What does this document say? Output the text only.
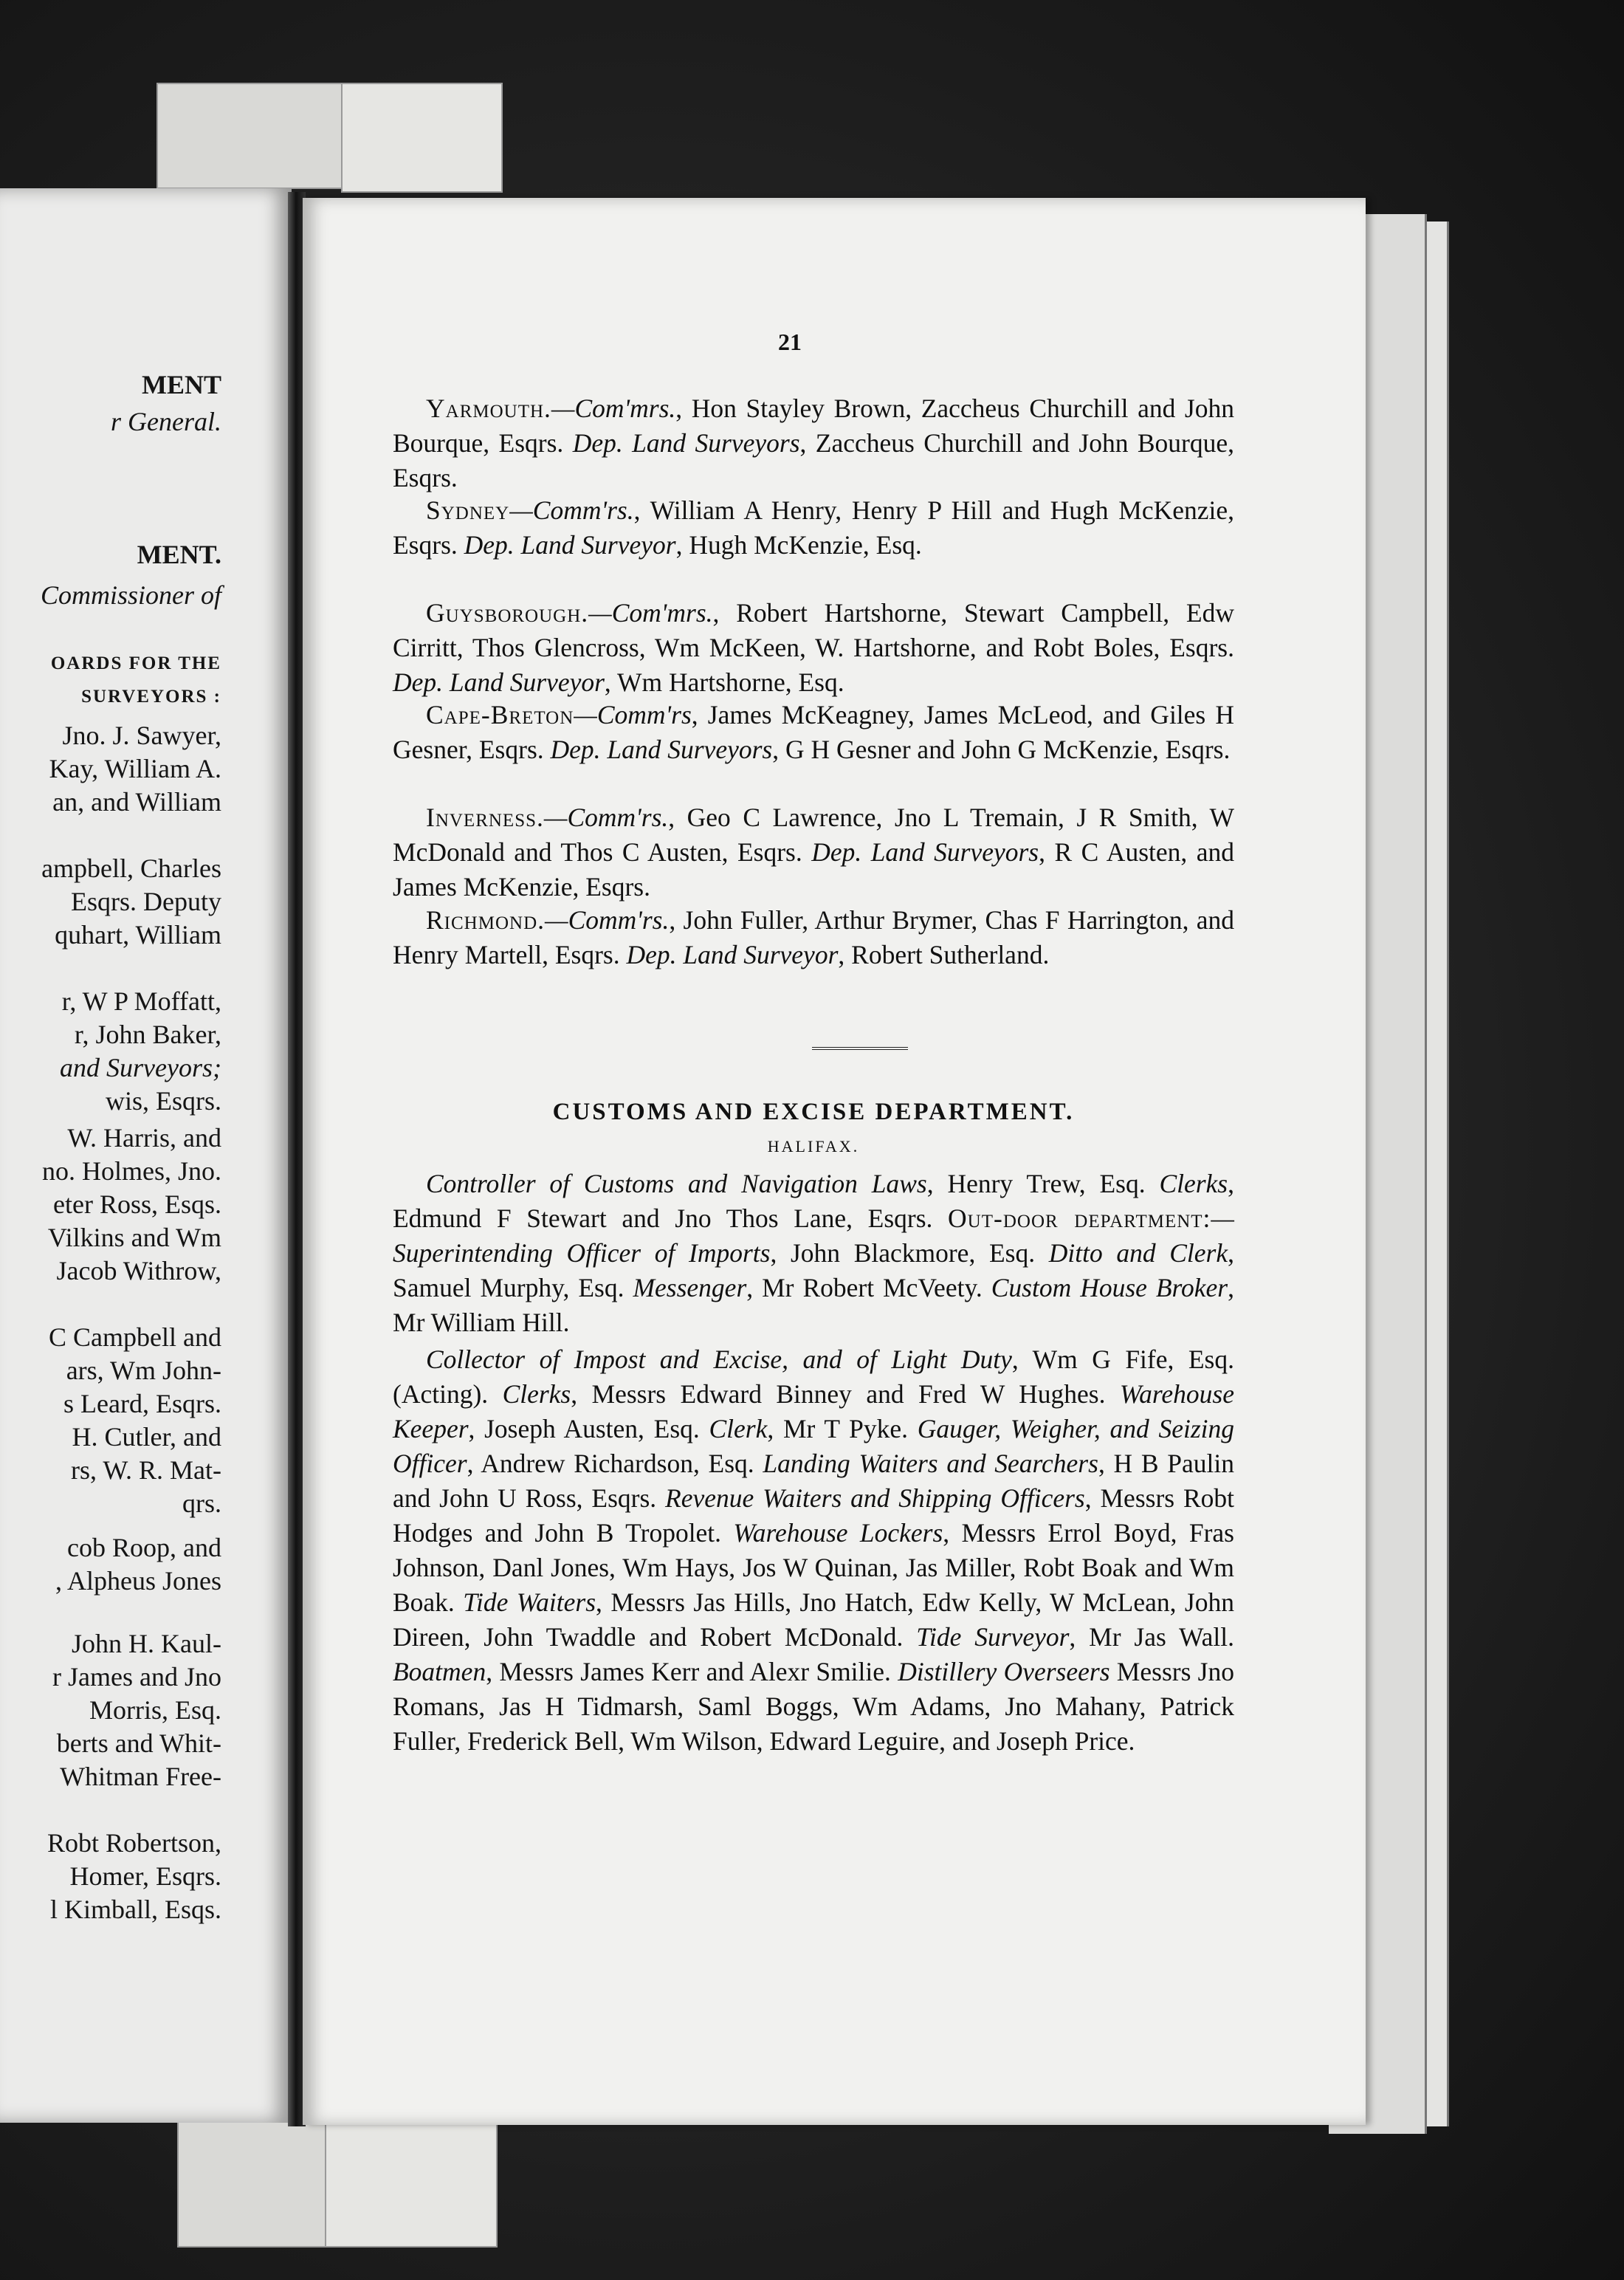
MENT
r General.
MENT.
Commissioner of
OARDS FOR THE
SURVEYORS :
Jno. J. Sawyer,
Kay, William A.
an, and William
ampbell, Charles
Esqrs. Deputy
quhart, William
r, W P Moffatt,
r, John Baker,
and Surveyors;
wis, Esqrs.
W. Harris, and
no. Holmes, Jno.
eter Ross, Esqs.
Vilkins and Wm
Jacob Withrow,
C Campbell and
ars, Wm John-
s Leard, Esqrs.
H. Cutler, and
rs, W. R. Mat-
qrs.
cob Roop, and
, Alpheus Jones
John H. Kaul-
r James and Jno
Morris, Esq.
berts and Whit-
Whitman Free-
Robt Robertson,
Homer, Esqrs.
l Kimball, Esqs.
21
Yarmouth.—Com'mrs., Hon Stayley Brown, Zaccheus Churchill and John Bourque, Esqrs. Dep. Land Surveyors, Zaccheus Churchill and John Bourque, Esqrs.
Sydney—Comm'rs., William A Henry, Henry P Hill and Hugh McKenzie, Esqrs. Dep. Land Surveyor, Hugh McKenzie, Esq.
Guysborough.—Com'mrs., Robert Hartshorne, Stewart Campbell, Edw Cirritt, Thos Glencross, Wm McKeen, W. Hartshorne, and Robt Boles, Esqrs. Dep. Land Surveyor, Wm Hartshorne, Esq.
Cape-Breton—Comm'rs, James McKeagney, James McLeod, and Giles H Gesner, Esqrs. Dep. Land Surveyors, G H Gesner and John G McKenzie, Esqrs.
Inverness.—Comm'rs., Geo C Lawrence, Jno L Tremain, J R Smith, W McDonald and Thos C Austen, Esqrs. Dep. Land Surveyors, R C Austen, and James McKenzie, Esqrs.
Richmond.—Comm'rs., John Fuller, Arthur Brymer, Chas F Harrington, and Henry Martell, Esqrs. Dep. Land Surveyor, Robert Sutherland.
CUSTOMS AND EXCISE DEPARTMENT.
HALIFAX.
Controller of Customs and Navigation Laws, Henry Trew, Esq. Clerks, Edmund F Stewart and Jno Thos Lane, Esqrs. Out-door department:—Superintending Officer of Imports, John Blackmore, Esq. Ditto and Clerk, Samuel Murphy, Esq. Messenger, Mr Robert McVeety. Custom House Broker, Mr William Hill.
Collector of Impost and Excise, and of Light Duty, Wm G Fife, Esq. (Acting). Clerks, Messrs Edward Binney and Fred W Hughes. Warehouse Keeper, Joseph Austen, Esq. Clerk, Mr T Pyke. Gauger, Weigher, and Seizing Officer, Andrew Richardson, Esq. Landing Waiters and Searchers, H B Paulin and John U Ross, Esqrs. Revenue Waiters and Shipping Officers, Messrs Robt Hodges and John B Tropolet. Warehouse Lockers, Messrs Errol Boyd, Fras Johnson, Danl Jones, Wm Hays, Jos W Quinan, Jas Miller, Robt Boak and Wm Boak. Tide Waiters, Messrs Jas Hills, Jno Hatch, Edw Kelly, W McLean, John Direen, John Twaddle and Robert McDonald. Tide Surveyor, Mr Jas Wall. Boatmen, Messrs James Kerr and Alexr Smilie. Distillery Overseers Messrs Jno Romans, Jas H Tidmarsh, Saml Boggs, Wm Adams, Jno Mahany, Patrick Fuller, Frederick Bell, Wm Wilson, Edward Leguire, and Joseph Price.
